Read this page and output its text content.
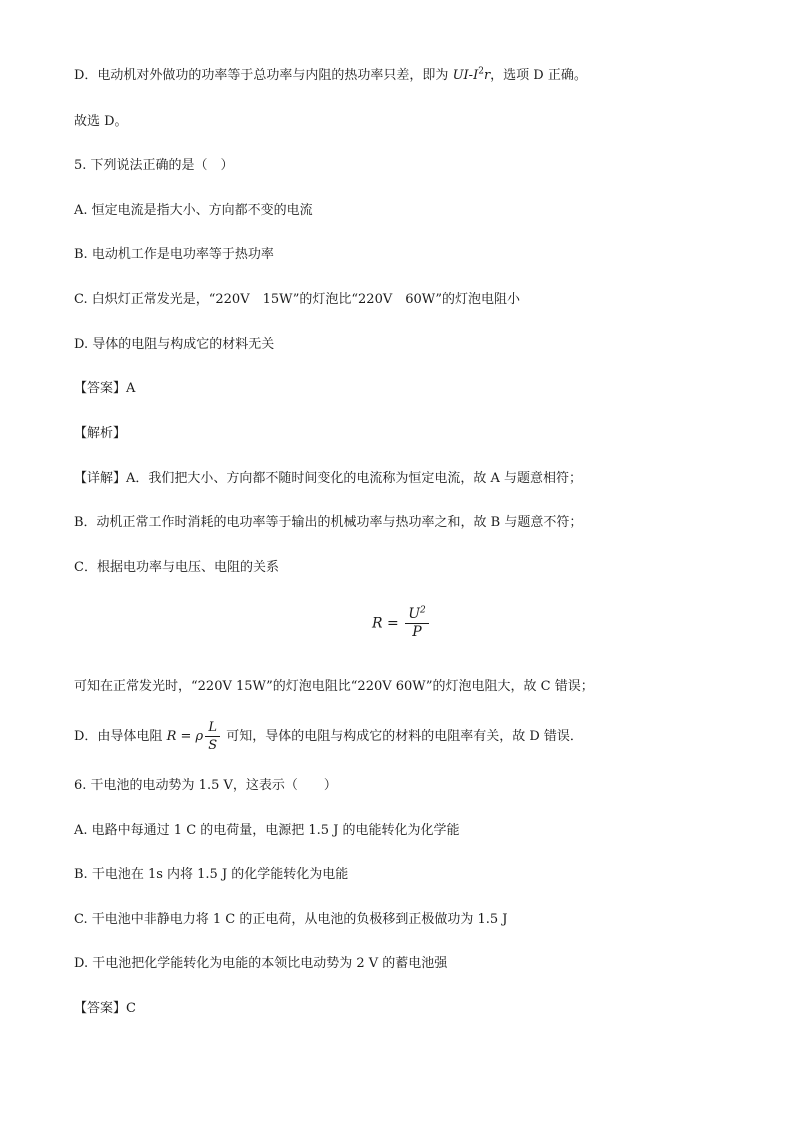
D．电动机对外做功的功率等于总功率与内阻的热功率只差，即为 $UI-I^2r$，选项 D 正确。
故选 D。
5. 下列说法正确的是（　）
A. 恒定电流是指大小、方向都不变的电流
B. 电动机工作是电功率等于热功率
C. 白炽灯正常发光是，“220V　15W”的灯泡比“220V　60W”的灯泡电阻小
D. 导体的电阻与构成它的材料无关
【答案】A
【解析】
【详解】A．我们把大小、方向都不随时间变化的电流称为恒定电流，故 A 与题意相符；
B．动机正常工作时消耗的电功率等于输出的机械功率与热功率之和，故 B 与题意不符；
C．根据电功率与电压、电阻的关系
$R = \frac{U^2}{P}$
可知在正常发光时，“220V 15W”的灯泡电阻比“220V 60W”的灯泡电阻大，故 C 错误；
D．由导体电阻 R = ρ $\frac{L}{S}$ 可知，导体的电阻与构成它的材料的电阻率有关，故 D 错误．
6. 干电池的电动势为 1.5 V，这表示（　　）
A. 电路中每通过 1 C 的电荷量，电源把 1.5 J 的电能转化为化学能
B. 干电池在 1s 内将 1.5 J 的化学能转化为电能
C. 干电池中非静电力将 1 C 的正电荷，从电池的负极移到正极做功为 1.5 J
D. 干电池把化学能转化为电能的本领比电动势为 2 V 的蓄电池强
【答案】C
